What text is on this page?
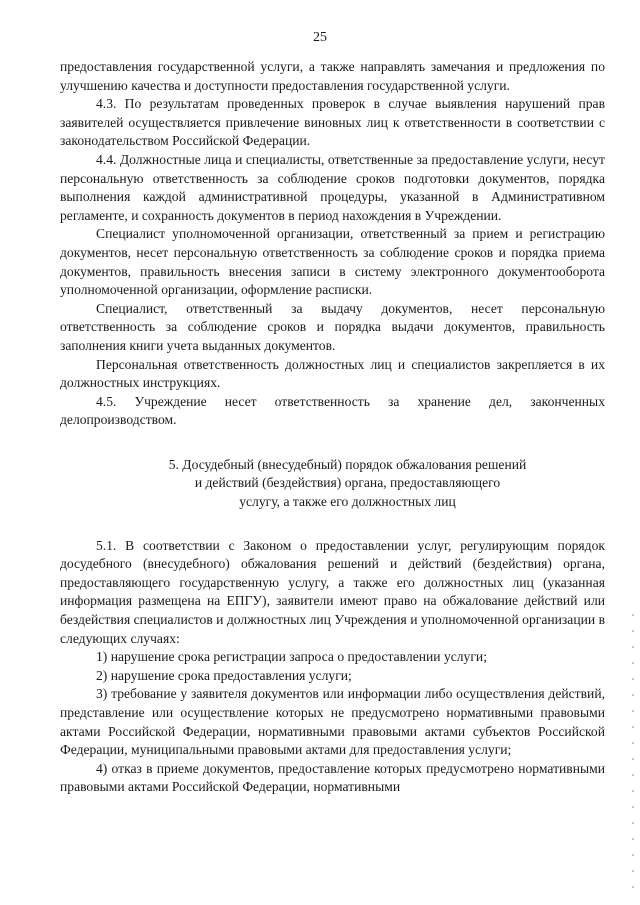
25

предоставления государственной услуги, а также направлять замечания и предложения по улучшению качества и доступности предоставления государственной услуги.

4.3. По результатам проведенных проверок в случае выявления нарушений прав заявителей осуществляется привлечение виновных лиц к ответственности в соответствии с законодательством Российской Федерации.

4.4. Должностные лица и специалисты, ответственные за предоставление услуги, несут персональную ответственность за соблюдение сроков подготовки документов, порядка выполнения каждой административной процедуры, указанной в Административном регламенте, и сохранность документов в период нахождения в Учреждении.

Специалист уполномоченной организации, ответственный за прием и регистрацию документов, несет персональную ответственность за соблюдение сроков и порядка приема документов, правильность внесения записи в систему электронного документооборота уполномоченной организации, оформление расписки.

Специалист, ответственный за выдачу документов, несет персональную ответственность за соблюдение сроков и порядка выдачи документов, правильность заполнения книги учета выданных документов.

Персональная ответственность должностных лиц и специалистов закрепляется в их должностных инструкциях.

4.5. Учреждение несет ответственность за хранение дел, законченных делопроизводством.

5. Досудебный (внесудебный) порядок обжалования решений
и действий (бездействия) органа, предоставляющего
услугу, а также его должностных лиц

5.1. В соответствии с Законом о предоставлении услуг, регулирующим порядок досудебного (внесудебного) обжалования решений и действий (бездействия) органа, предоставляющего государственную услугу, а также его должностных лиц (указанная информация размещена на ЕПГУ), заявители имеют право на обжалование действий или бездействия специалистов и должностных лиц Учреждения и уполномоченной организации в следующих случаях:

1) нарушение срока регистрации запроса о предоставлении услуги;

2) нарушение срока предоставления услуги;

3) требование у заявителя документов или информации либо осуществления действий, представление или осуществление которых не предусмотрено нормативными правовыми актами Российской Федерации, нормативными правовыми актами субъектов Российской Федерации, муниципальными правовыми актами для предоставления услуги;

4) отказ в приеме документов, предоставление которых предусмотрено нормативными правовыми актами Российской Федерации, нормативными
